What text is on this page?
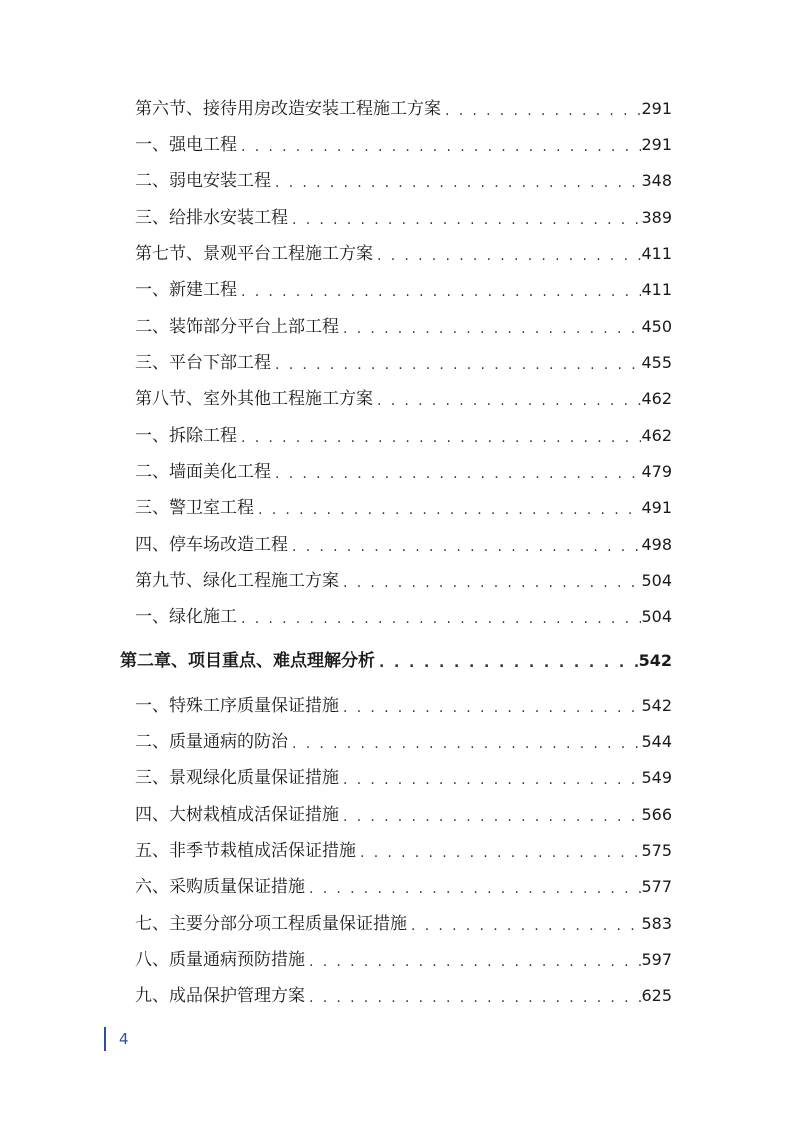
第六节、接待用房改造安装工程施工方案 . . .	291
一、强电工程 . . .	291
二、弱电安装工程 . . .	348
三、给排水安装工程 . . .	389
第七节、景观平台工程施工方案 . . .	411
一、新建工程 . . .	411
二、装饰部分平台上部工程 . . .	450
三、平台下部工程 . . .	455
第八节、室外其他工程施工方案 . . .	462
一、拆除工程 . . .	462
二、墙面美化工程 . . .	479
三、警卫室工程 . . .	491
四、停车场改造工程 . . .	498
第九节、绿化工程施工方案 . . .	504
一、绿化施工 . . .	504
第二章、项目重点、难点理解分析 . . .	542
一、特殊工序质量保证措施 . . .	542
二、质量通病的防治 . . .	544
三、景观绿化质量保证措施 . . .	549
四、大树栽植成活保证措施 . . .	566
五、非季节栽植成活保证措施 . . .	575
六、采购质量保证措施 . . .	577
七、主要分部分项工程质量保证措施 . . .	583
八、质量通病预防措施 . . .	597
九、成品保护管理方案 . . .	625
4
